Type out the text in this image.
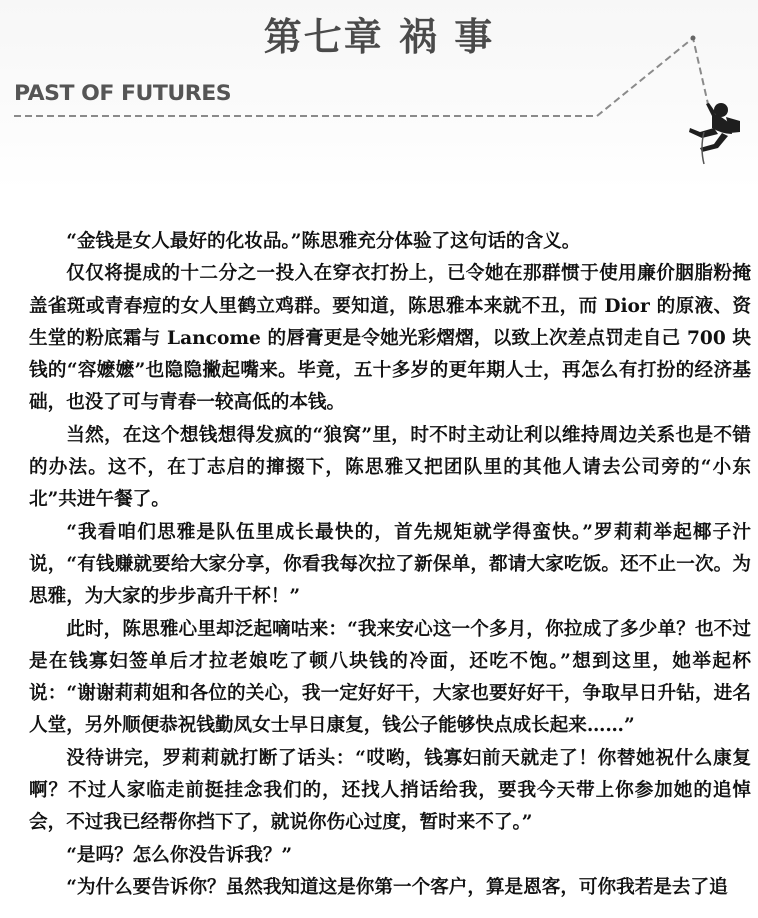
第七章 祸 事
PAST OF FUTURES

“金钱是女人最好的化妆品。”陈思雅充分体验了这句话的含义。

仅仅将提成的十二分之一投入在穿衣打扮上，已令她在那群惯于使用廉价胭脂粉掩盖雀斑或青春痘的女人里鹤立鸡群。要知道，陈思雅本来就不丑，而 Dior 的原液、资生堂的粉底霜与 Lancome 的唇膏更是令她光彩熠熠，以致上次差点罚走自己 700 块钱的“容嬷嬷”也隐隐撇起嘴来。毕竟，五十多岁的更年期人士，再怎么有打扮的经济基础，也没了可与青春一较高低的本钱。

当然，在这个想钱想得发疯的“狼窝”里，时不时主动让利以维持周边关系也是不错的办法。这不，在丁志启的撺掇下，陈思雅又把团队里的其他人请去公司旁的“小东北”共进午餐了。

“我看咱们思雅是队伍里成长最快的，首先规矩就学得蛮快。”罗莉莉举起椰子汁说，“有钱赚就要给大家分享，你看我每次拉了新保单，都请大家吃饭。还不止一次。为思雅，为大家的步步高升干杯！”

此时，陈思雅心里却泛起嘀咕来：“我来安心这一个多月，你拉成了多少单？也不过是在钱寡妇签单后才拉老娘吃了顿八块钱的冷面，还吃不饱。”想到这里，她举起杯说：“谢谢莉莉姐和各位的关心，我一定好好干，大家也要好好干，争取早日升钻，进名人堂，另外顺便恭祝钱勤凤女士早日康复，钱公子能够快点成长起来……”

没待讲完，罗莉莉就打断了话头：“哎哟，钱寡妇前天就走了！你替她祝什么康复啊？不过人家临走前挺挂念我们的，还找人捎话给我，要我今天带上你参加她的追悼会，不过我已经帮你挡下了，就说你伤心过度，暂时来不了。”

“是吗？怎么你没告诉我？”

“为什么要告诉你？虽然我知道这是你第一个客户，算是恩客，可你我若是去了追
